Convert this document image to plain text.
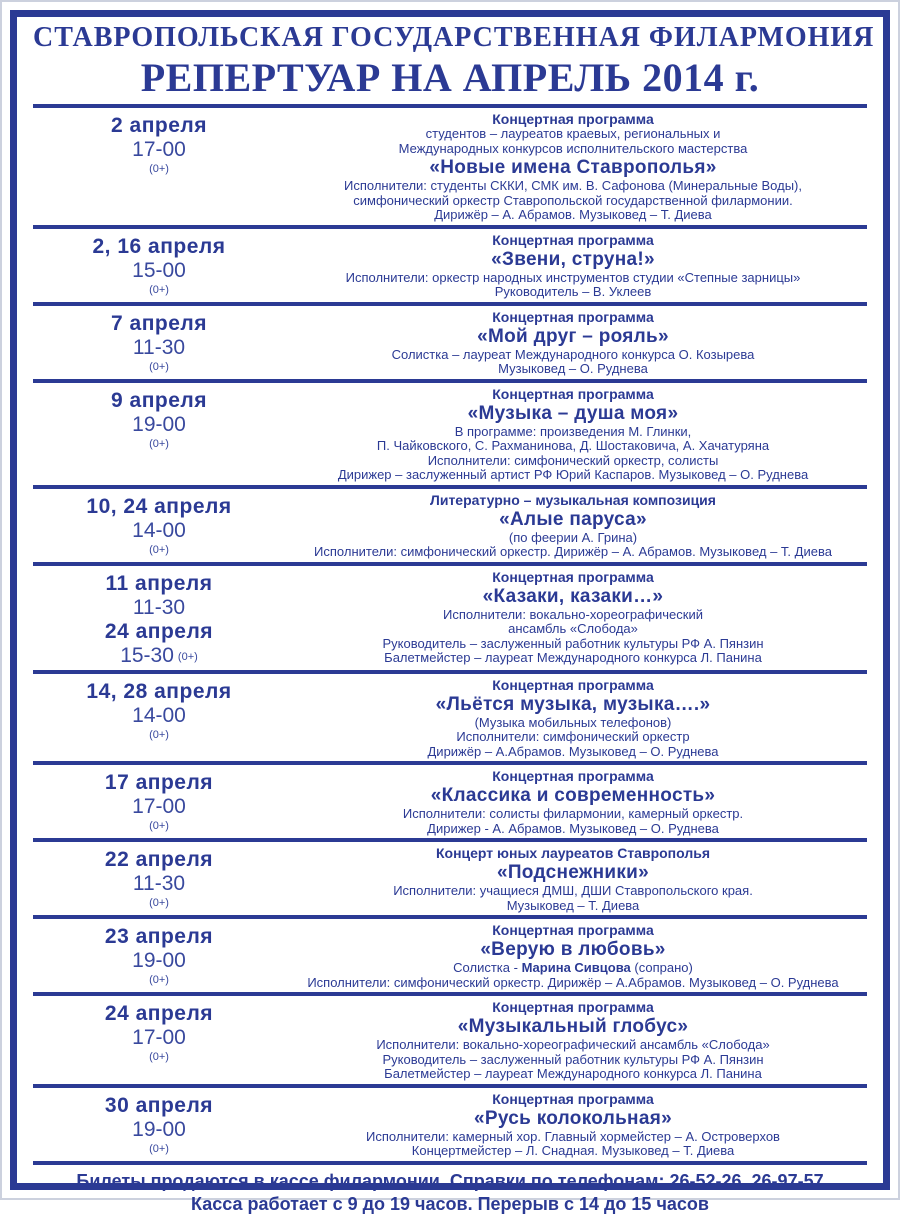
СТАВРОПОЛЬСКАЯ ГОСУДАРСТВЕННАЯ ФИЛАРМОНИЯ
РЕПЕРТУАР НА АПРЕЛЬ 2014 г.
2 апреля
17-00
(0+)
Концертная программа
студентов – лауреатов краевых, региональных и
Международных конкурсов исполнительского мастерства
«Новые имена Ставрополья»
Исполнители: студенты СККИ, СМК им. В. Сафонова (Минеральные Воды),
симфонический оркестр Ставропольской государственной филармонии.
Дирижёр – А. Абрамов. Музыковед – Т. Диева
2, 16 апреля
15-00
(0+)
Концертная программа
«Звени, струна!»
Исполнители: оркестр народных инструментов студии «Степные зарницы»
Руководитель – В. Уклеев
7 апреля
11-30
(0+)
Концертная программа
«Мой друг – рояль»
Солистка – лауреат Международного конкурса О. Козырева
Музыковед – О. Руднева
9 апреля
19-00
(0+)
Концертная программа
«Музыка – душа моя»
В программе: произведения М. Глинки,
П. Чайковского, С. Рахманинова, Д. Шостаковича, А. Хачатуряна
Исполнители: симфонический оркестр, солисты
Дирижер – заслуженный артист РФ Юрий Каспаров. Музыковед – О. Руднева
10, 24 апреля
14-00
(0+)
Литературно – музыкальная композиция
«Алые паруса»
(по феерии А. Грина)
Исполнители: симфонический оркестр. Дирижёр – А. Абрамов. Музыковед – Т. Диева
11 апреля
11-30
24 апреля
15-30 (0+)
Концертная программа
«Казаки, казаки…»
Исполнители: вокально-хореографический
ансамбль «Слобода»
Руководитель – заслуженный работник культуры РФ А. Пянзин
Балетмейстер – лауреат Международного конкурса Л. Панина
14, 28 апреля
14-00
(0+)
Концертная программа
«Льётся музыка, музыка….»
(Музыка мобильных телефонов)
Исполнители: симфонический оркестр
Дирижёр – А.Абрамов. Музыковед – О. Руднева
17 апреля
17-00
(0+)
Концертная программа
«Классика и современность»
Исполнители: солисты филармонии, камерный оркестр.
Дирижер - А. Абрамов. Музыковед – О. Руднева
22 апреля
11-30
(0+)
Концерт юных лауреатов Ставрополья
«Подснежники»
Исполнители: учащиеся ДМШ, ДШИ Ставропольского края.
Музыковед – Т. Диева
23 апреля
19-00
(0+)
Концертная программа
«Верую в любовь»
Солистка - Марина Сивцова (сопрано)
Исполнители: симфонический оркестр. Дирижёр – А.Абрамов. Музыковед – О. Руднева
24 апреля
17-00
(0+)
Концертная программа
«Музыкальный глобус»
Исполнители: вокально-хореографический ансамбль «Слобода»
Руководитель – заслуженный работник культуры РФ А. Пянзин
Балетмейстер – лауреат Международного конкурса Л. Панина
30 апреля
19-00
(0+)
Концертная программа
«Русь колокольная»
Исполнители: камерный хор. Главный хормейстер – А. Островерхов
Концертмейстер – Л. Снадная. Музыковед – Т. Диева
Билеты продаются в кассе филармонии. Справки по телефонам: 26-52-26, 26-97-57
Касса работает с 9 до 19 часов. Перерыв с 14 до 15 часов
